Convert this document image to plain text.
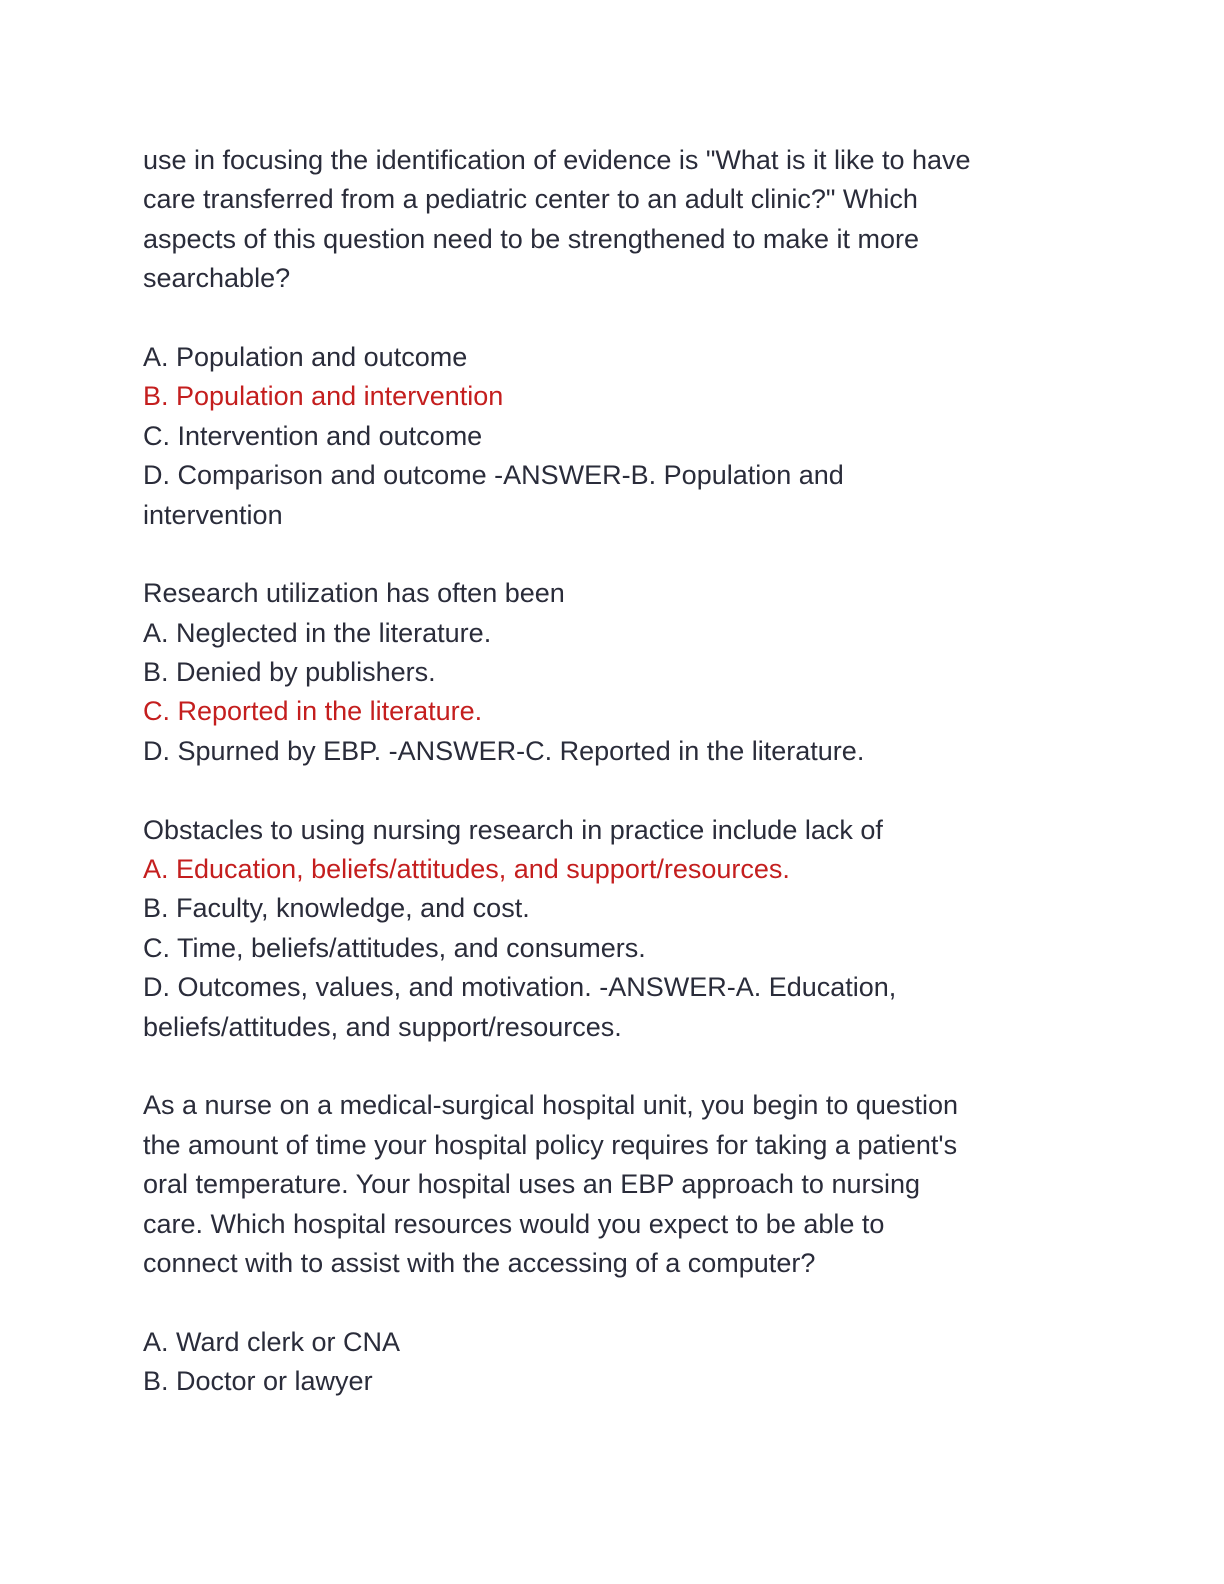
use in focusing the identification of evidence is "What is it like to have
care transferred from a pediatric center to an adult clinic?" Which
aspects of this question need to be strengthened to make it more
searchable?
A. Population and outcome
B. Population and intervention
C. Intervention and outcome
D. Comparison and outcome -ANSWER-B. Population and
intervention
Research utilization has often been
A. Neglected in the literature.
B. Denied by publishers.
C. Reported in the literature.
D. Spurned by EBP. -ANSWER-C. Reported in the literature.
Obstacles to using nursing research in practice include lack of
A. Education, beliefs/attitudes, and support/resources.
B. Faculty, knowledge, and cost.
C. Time, beliefs/attitudes, and consumers.
D. Outcomes, values, and motivation. -ANSWER-A. Education,
beliefs/attitudes, and support/resources.
As a nurse on a medical-surgical hospital unit, you begin to question
the amount of time your hospital policy requires for taking a patient's
oral temperature. Your hospital uses an EBP approach to nursing
care. Which hospital resources would you expect to be able to
connect with to assist with the accessing of a computer?
A. Ward clerk or CNA
B. Doctor or lawyer
